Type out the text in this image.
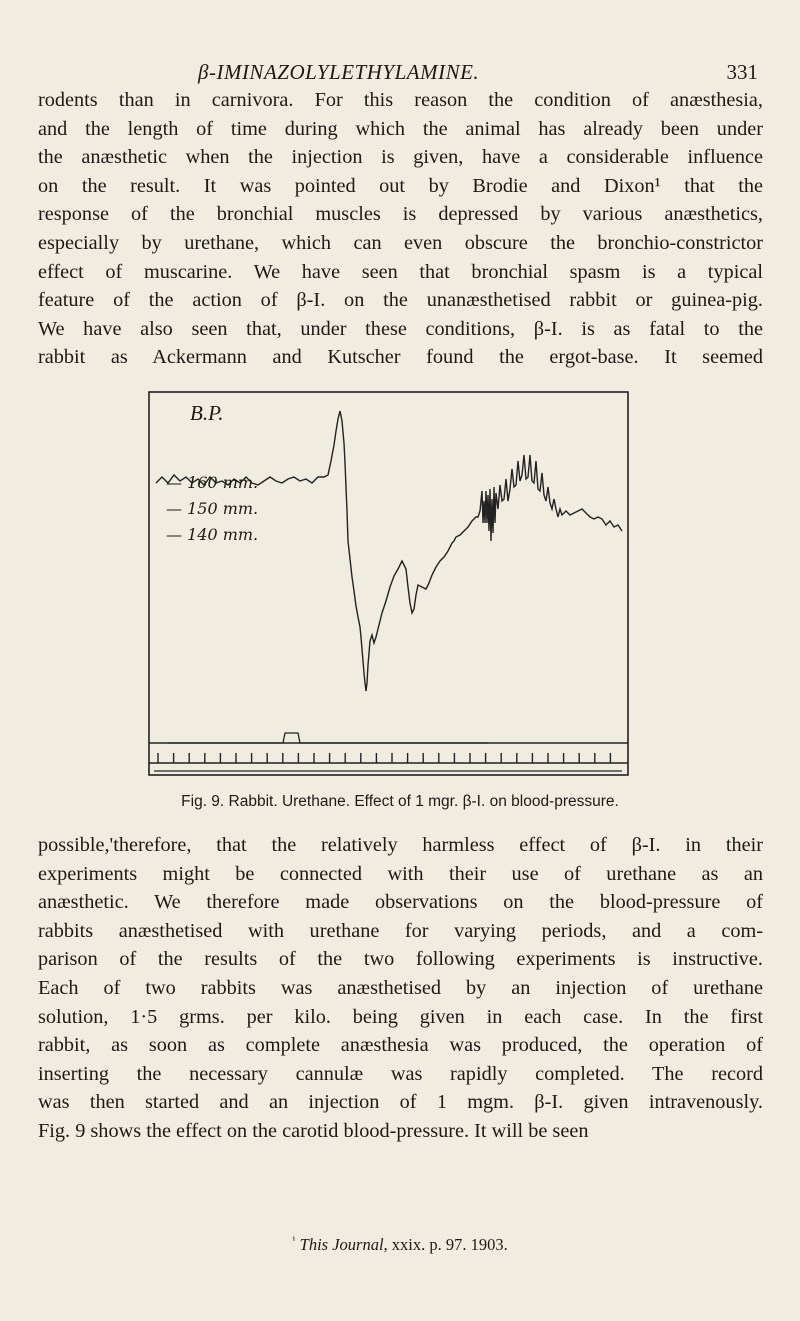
β-IMINAZOLYLETHYLAMINE.	331
rodents than in carnivora. For this reason the condition of anæsthesia,
and the length of time during which the animal has already been under
the anæsthetic when the injection is given, have a considerable influence
on the result. It was pointed out by Brodie and Dixon¹ that the
response of the bronchial muscles is depressed by various anæsthetics,
especially by urethane, which can even obscure the bronchio-constrictor
effect of muscarine. We have seen that bronchial spasm is a typical
feature of the action of β-I. on the unanæsthetised rabbit or guinea-pig.
We have also seen that, under these conditions, β-I. is as fatal to the
rabbit as Ackermann and Kutscher found the ergot-base. It seemed
B.P.
— 160 mm.
— 150 mm.
— 140 mm.
Fig. 9. Rabbit. Urethane. Effect of 1 mgr. β-I. on blood-pressure.
possible,'therefore, that the relatively harmless effect of β-I. in their
experiments might be connected with their use of urethane as an
anæsthetic. We therefore made observations on the blood-pressure of
rabbits anæsthetised with urethane for varying periods, and a com-
parison of the results of the two following experiments is instructive.
Each of two rabbits was anæsthetised by an injection of urethane
solution, 1·5 grms. per kilo. being given in each case. In the first
rabbit, as soon as complete anæsthesia was produced, the operation of
inserting the necessary cannulæ was rapidly completed. The record
was then started and an injection of 1 mgm. β-I. given intravenously.
Fig. 9 shows the effect on the carotid blood-pressure. It will be seen
$^{^1}$ This Journal, xxix. p. 97. 1903.
